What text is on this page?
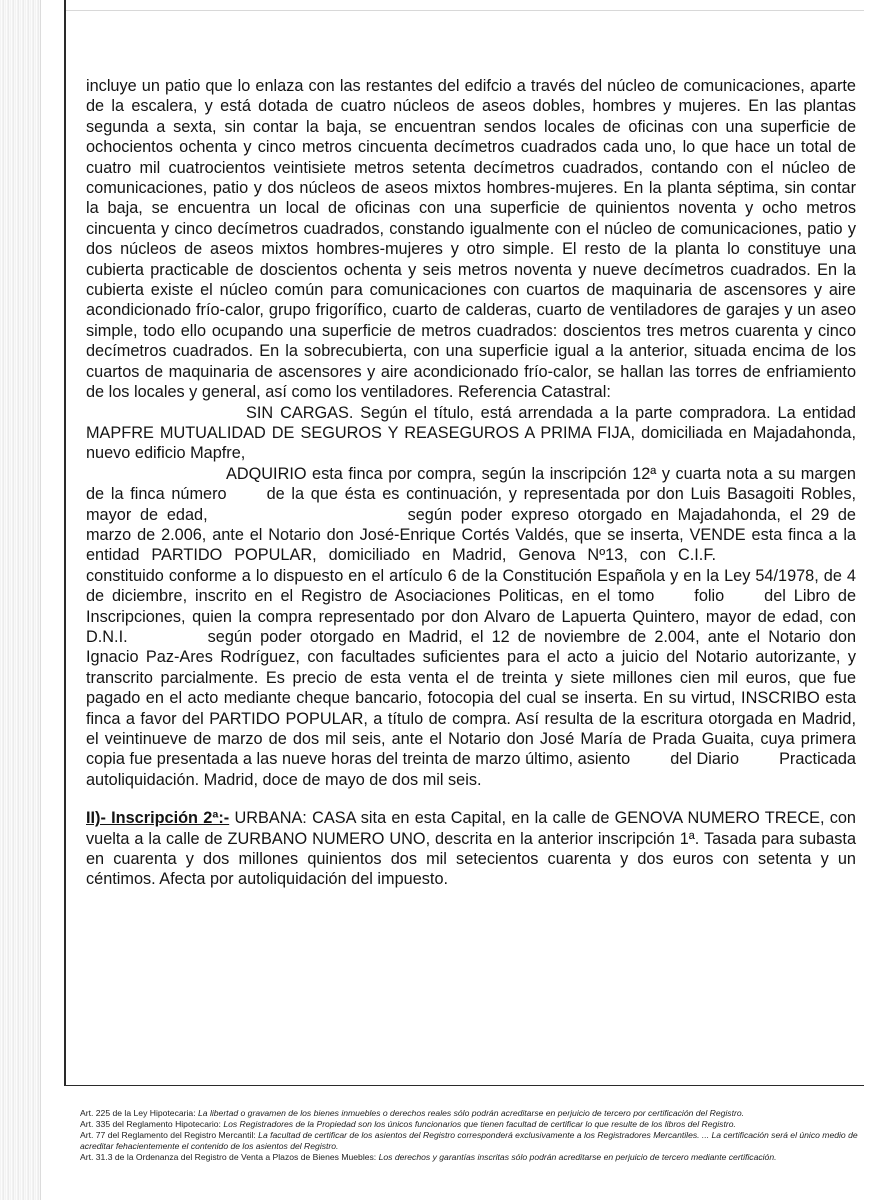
incluye un patio que lo enlaza con las restantes del edifcio a través del núcleo de comunicaciones, aparte de la escalera, y está dotada de cuatro núcleos de aseos dobles, hombres y mujeres. En las plantas segunda a sexta, sin contar la baja, se encuentran sendos locales de oficinas con una superficie de ochocientos ochenta y cinco metros cincuenta decímetros cuadrados cada uno, lo que hace un total de cuatro mil cuatrocientos veintisiete metros setenta decímetros cuadrados, contando con el núcleo de comunicaciones, patio y dos núcleos de aseos mixtos hombres-mujeres. En la planta séptima, sin contar la baja, se encuentra un local de oficinas con una superficie de quinientos noventa y ocho metros cincuenta y cinco decímetros cuadrados, constando igualmente con el núcleo de comunicaciones, patio y dos núcleos de aseos mixtos hombres-mujeres y otro simple. El resto de la planta lo constituye una cubierta practicable de doscientos ochenta y seis metros noventa y nueve decímetros cuadrados. En la cubierta existe el núcleo común para comunicaciones con cuartos de maquinaria de ascensores y aire acondicionado frío-calor, grupo frigorífico, cuarto de calderas, cuarto de ventiladores de garajes y un aseo simple, todo ello ocupando una superficie de metros cuadrados: doscientos tres metros cuarenta y cinco decímetros cuadrados. En la sobrecubierta, con una superficie igual a la anterior, situada encima de los cuartos de maquinaria de ascensores y aire acondicionado frío-calor, se hallan las torres de enfriamiento de los locales y general, así como los ventiladores. Referencia Catastral:

SIN CARGAS. Según el título, está arrendada a la parte compradora. La entidad MAPFRE MUTUALIDAD DE SEGUROS Y REASEGUROS A PRIMA FIJA, domiciliada en Majadahonda, nuevo edificio Mapfre,

ADQUIRIO esta finca por compra, según la inscripción 12ª y cuarta nota a su margen de la finca número de la que ésta es continuación, y representada por don Luis Basagoiti Robles, mayor de edad,	según poder expreso otorgado en Majadahonda, el 29 de marzo de 2.006, ante el Notario don José-Enrique Cortés Valdés, que se inserta, VENDE esta finca a la entidad PARTIDO POPULAR, domiciliado en Madrid, Genova Nº13, con C.I.F.constituido conforme a lo dispuesto en el artículo 6 de la Constitución Española y en la Ley 54/1978, de 4 de diciembre, inscrito en el Registro de Asociaciones Politicas, en el tomo folio del Libro de Inscripciones, quien la compra representado por don Alvaro de Lapuerta Quintero, mayor de edad, con D.N.I.	según poder otorgado en Madrid, el 12 de noviembre de 2.004, ante el Notario don Ignacio Paz-Ares Rodríguez, con facultades suficientes para el acto a juicio del Notario autorizante, y transcrito parcialmente. Es precio de esta venta el de treinta y siete millones cien mil euros, que fue pagado en el acto mediante cheque bancario, fotocopia del cual se inserta. En su virtud, INSCRIBO esta finca a favor del PARTIDO POPULAR, a título de compra. Así resulta de la escritura otorgada en Madrid, el veintinueve de marzo de dos mil seis, ante el Notario don José María de Prada Guaita, cuya primera copia fue presentada a las nueve horas del treinta de marzo último, asiento del Diario Practicada autoliquidación. Madrid, doce de mayo de dos mil seis.

II)- Inscripción 2ª:- URBANA: CASA sita en esta Capital, en la calle de GENOVA NUMERO TRECE, con vuelta a la calle de ZURBANO NUMERO UNO, descrita en la anterior inscripción 1ª. Tasada para subasta en cuarenta y dos millones quinientos dos mil setecientos cuarenta y dos euros con setenta y un céntimos. Afecta por autoliquidación del impuesto.

Art. 225 de la Ley Hipotecaria: La libertad o gravamen de los bienes inmuebles o derechos reales sólo podrán acreditarse en perjuicio de tercero por certificación del Registro.

Art. 335 del Reglamento Hipotecario: Los Registradores de la Propiedad son los únicos funcionarios que tienen facultad de certificar lo que resulte de los libros del Registro.

Art. 77 del Reglamento del Registro Mercantil: La facultad de certificar de los asientos del Registro corresponderá exclusivamente a los Registradores Mercantiles. ... La certificación será el único medio de acreditar fehacientemente el contenido de los asientos del Registro.

Art. 31.3 de la Ordenanza del Registro de Venta a Plazos de Bienes Muebles: Los derechos y garantías inscritas sólo podrán acreditarse en perjuicio de tercero mediante certificación.
